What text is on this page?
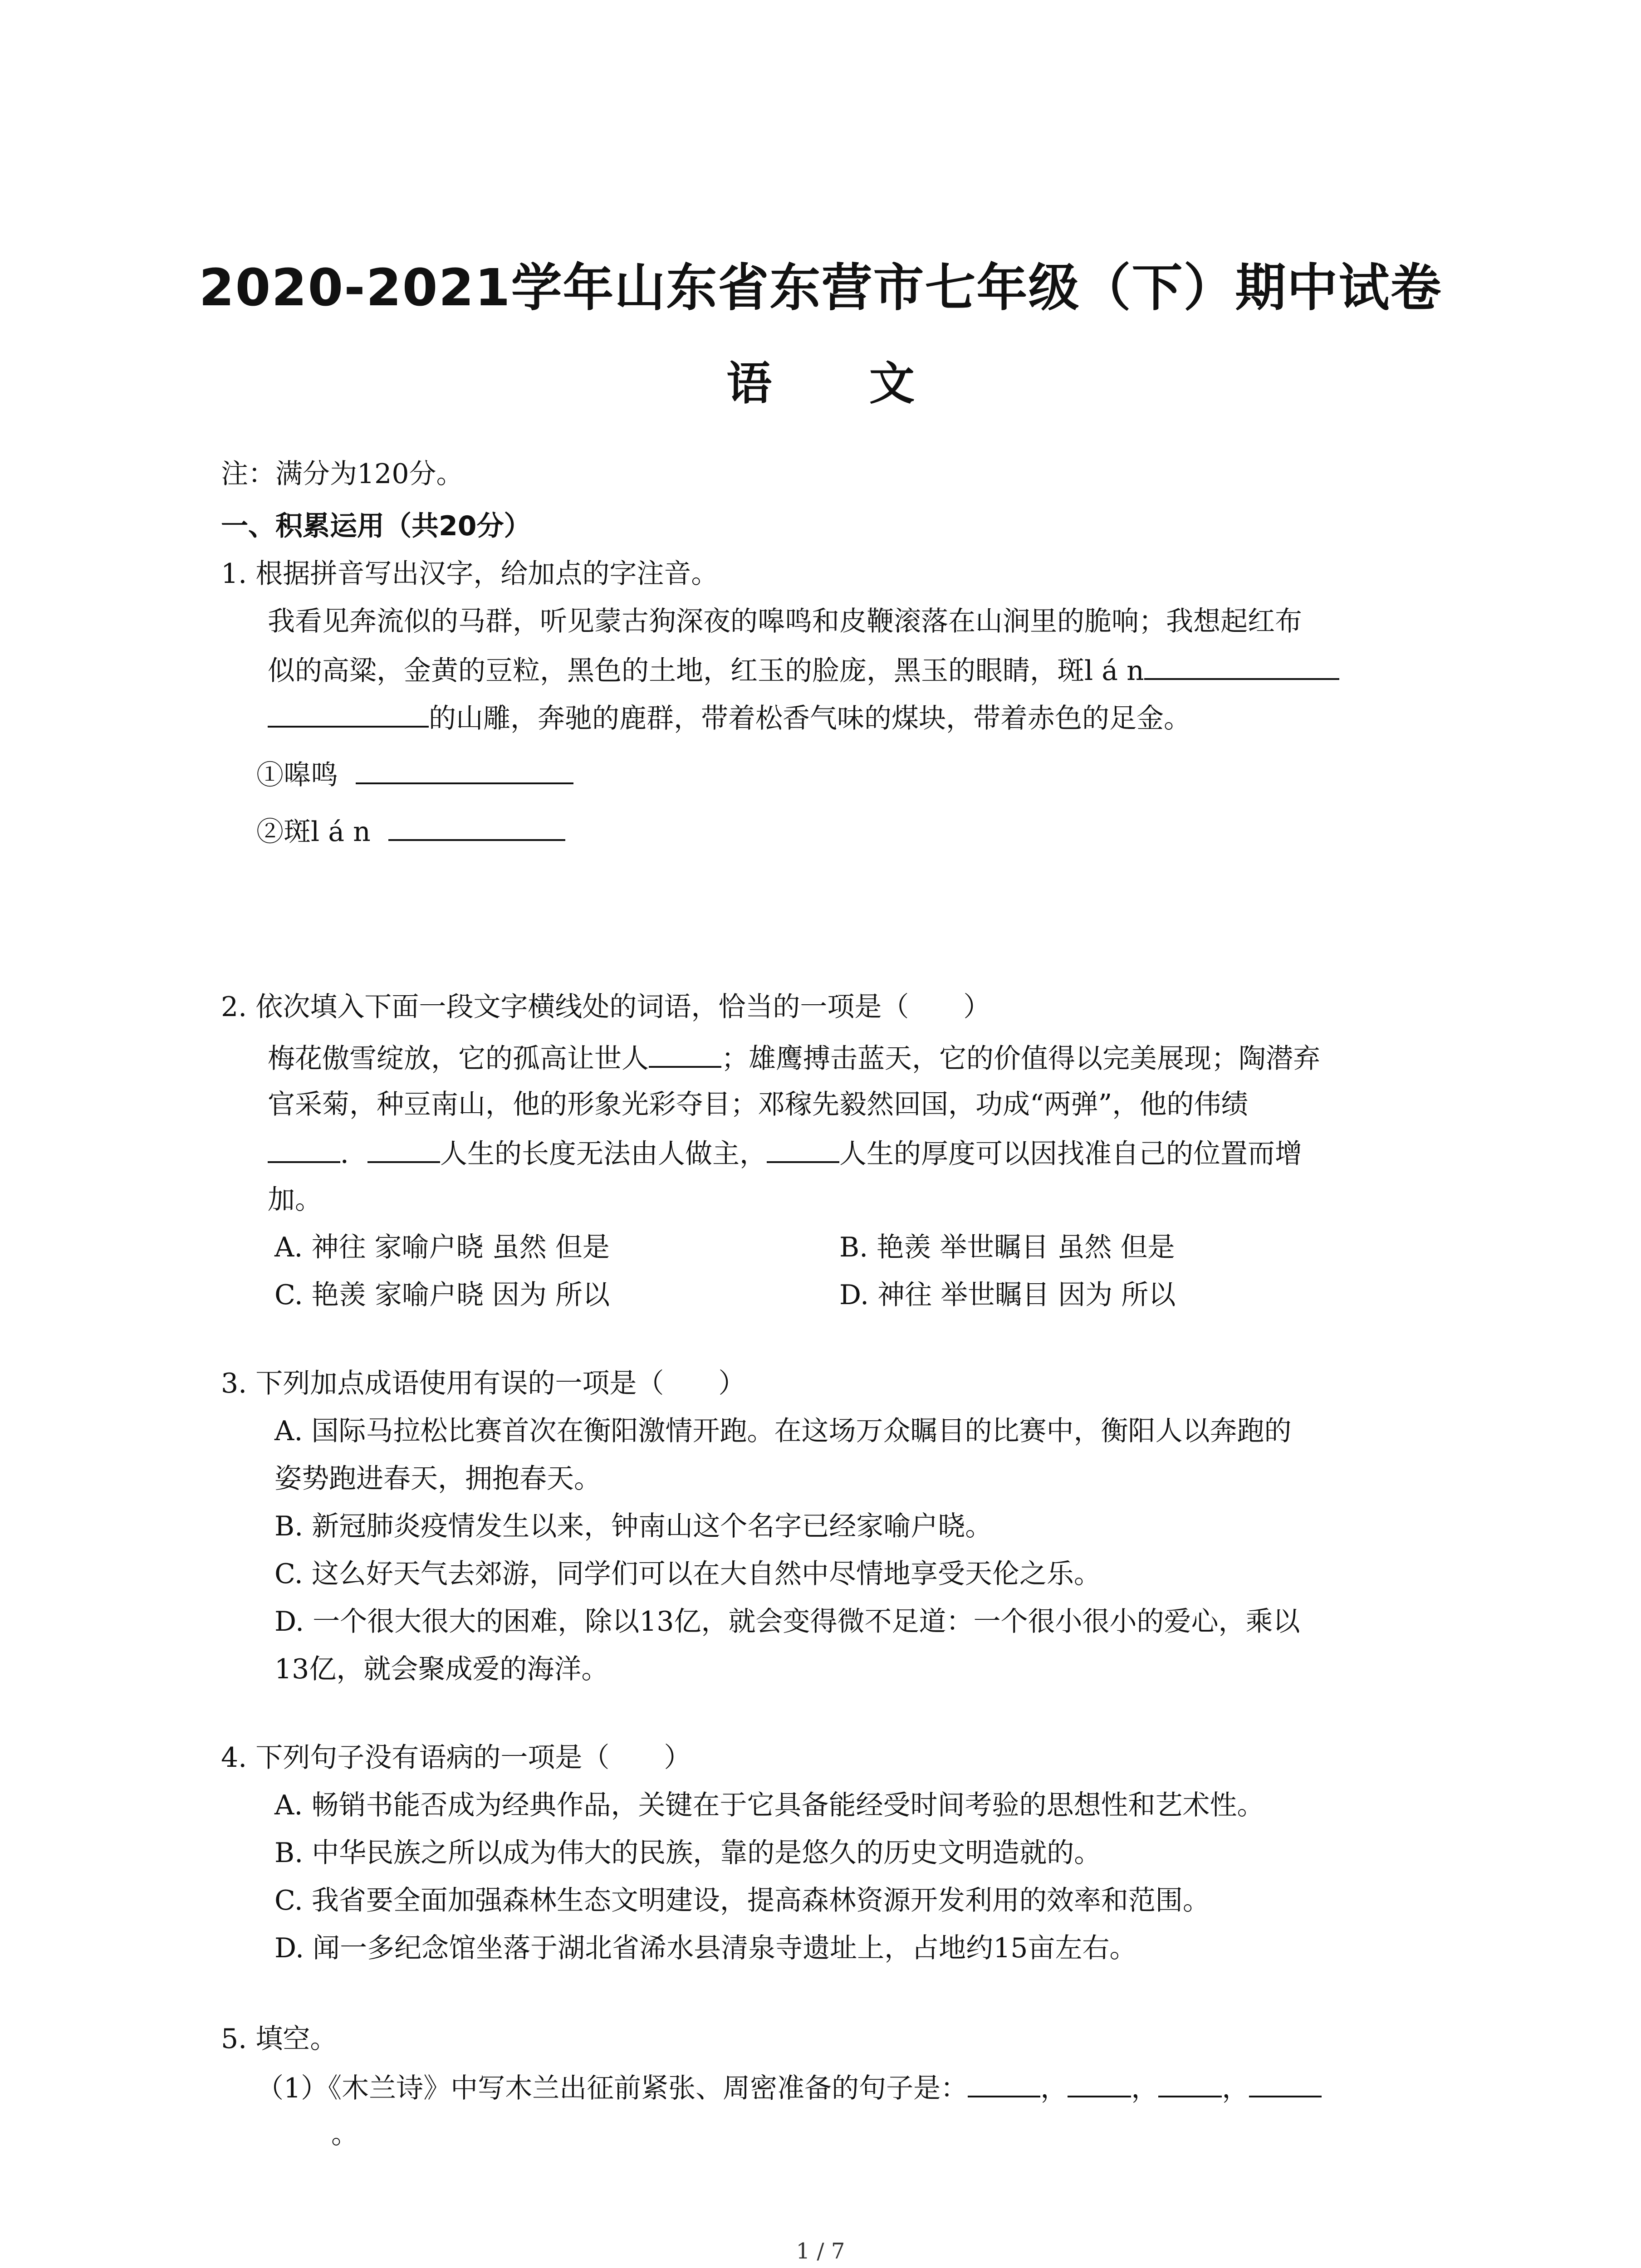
2020-2021学年山东省东营市七年级（下）期中试卷
语 文
注：满分为120分。
一、积累运用（共20分）
1. 根据拼音写出汉字，给加点的字注音。
我看见奔流似的马群，听见蒙古狗深夜的嗥鸣和皮鞭滚落在山涧里的脆响；我想起红布
似的高粱，金黄的豆粒，黑色的土地，红玉的脸庞，黑玉的眼睛，斑l á n
的山雕，奔驰的鹿群，带着松香气味的煤块，带着赤色的足金。
①嗥鸣
②斑l á n
2. 依次填入下面一段文字横线处的词语，恰当的一项是（　　）
梅花傲雪绽放，它的孤高让世人	；雄鹰搏击蓝天，它的价值得以完美展现；陶潜弃
官采菊，种豆南山，他的形象光彩夺目；邓稼先毅然回国，功成“两弹”，他的伟绩
．	人生的长度无法由人做主，	人生的厚度可以因找准自己的位置而增
加。
A. 神往 家喻户晓 虽然 但是	B. 艳羡 举世瞩目 虽然 但是
C. 艳羡 家喻户晓 因为 所以	D. 神往 举世瞩目 因为 所以
3. 下列加点成语使用有误的一项是（　　）
A. 国际马拉松比赛首次在衡阳激情开跑。在这场万众瞩目的比赛中，衡阳人以奔跑的
姿势跑进春天，拥抱春天。
B. 新冠肺炎疫情发生以来，钟南山这个名字已经家喻户晓。
C. 这么好天气去郊游，同学们可以在大自然中尽情地享受天伦之乐。
D. 一个很大很大的困难，除以13亿，就会变得微不足道：一个很小很小的爱心，乘以
13亿，就会聚成爱的海洋。
4. 下列句子没有语病的一项是（　　）
A. 畅销书能否成为经典作品，关键在于它具备能经受时间考验的思想性和艺术性。
B. 中华民族之所以成为伟大的民族，靠的是悠久的历史文明造就的。
C. 我省要全面加强森林生态文明建设，提高森林资源开发利用的效率和范围。
D. 闻一多纪念馆坐落于湖北省浠水县清泉寺遗址上，占地约15亩左右。
5. 填空。
（1）《木兰诗》中写木兰出征前紧张、周密准备的句子是：	， ， ，
。
1 / 7
